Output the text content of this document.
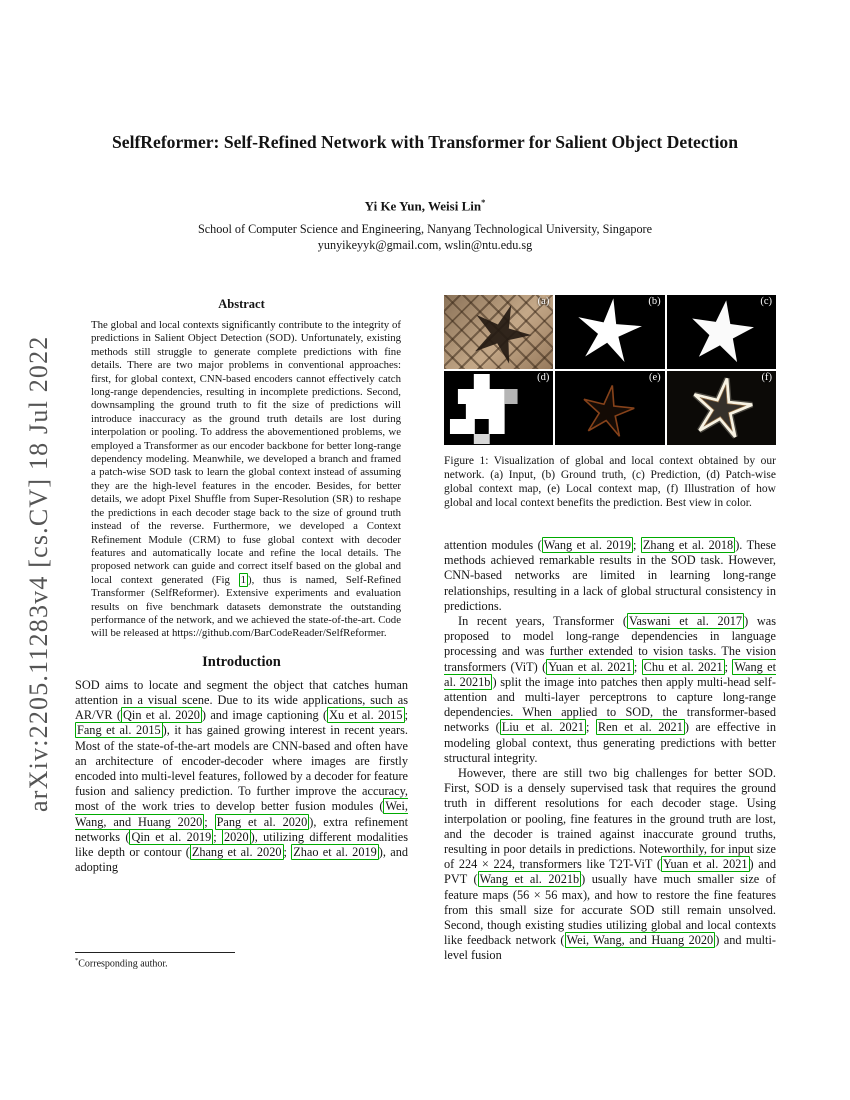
arXiv:2205.11283v4 [cs.CV] 18 Jul 2022
SelfReformer: Self-Refined Network with Transformer for Salient Object Detection
Yi Ke Yun, Weisi Lin*
School of Computer Science and Engineering, Nanyang Technological University, Singapore
yunyikeyyk@gmail.com, wslin@ntu.edu.sg
Abstract
The global and local contexts significantly contribute to the integrity of predictions in Salient Object Detection (SOD). Unfortunately, existing methods still struggle to generate complete predictions with fine details. There are two major problems in conventional approaches: first, for global context, CNN-based encoders cannot effectively catch long-range dependencies, resulting in incomplete predictions. Second, downsampling the ground truth to fit the size of predictions will introduce inaccuracy as the ground truth details are lost during interpolation or pooling. To address the abovementioned problems, we employed a Transformer as our encoder backbone for better long-range dependency modeling. Meanwhile, we developed a branch and framed a patch-wise SOD task to learn the global context instead of assuming they are the high-level features in the encoder. Besides, for better details, we adopt Pixel Shuffle from Super-Resolution (SR) to reshape the predictions in each decoder stage back to the size of ground truth instead of the reverse. Furthermore, we developed a Context Refinement Module (CRM) to fuse global context with decoder features and automatically locate and refine the local details. The proposed network can guide and correct itself based on the global and local context generated (Fig 1 ), thus is named, Self-Refined Transformer (SelfReformer). Extensive experiments and evaluation results on five benchmark datasets demonstrate the outstanding performance of the network, and we achieved the state-of-the-art. Code will be released at https://github.com/BarCodeReader/SelfReformer.
Introduction
SOD aims to locate and segment the object that catches human attention in a visual scene. Due to its wide applications, such as AR/VR ( Qin et al. 2020 ) and image captioning ( Xu et al. 2015 ; Fang et al. 2015 ), it has gained growing interest in recent years. Most of the state-of-the-art models are CNN-based and often have an architecture of encoder-decoder where images are firstly encoded into multi-level features, followed by a decoder for feature fusion and saliency prediction. To further improve the accuracy, most of the work tries to develop better fusion modules ( Wei, Wang, and Huang 2020 ; Pang et al. 2020 ), extra refinement networks ( Qin et al. 2019 ; 2020 ), utilizing different modalities like depth or contour ( Zhang et al. 2020 ; Zhao et al. 2019 ), and adopting
(a)	(b)	(c)
(d)	(e)	(f)
Figure 1: Visualization of global and local context obtained by our network. (a) Input, (b) Ground truth, (c) Prediction, (d) Patch-wise global context map, (e) Local context map, (f) Illustration of how global and local context benefits the prediction. Best view in color.
attention modules ( Wang et al. 2019 ; Zhang et al. 2018 ). These methods achieved remarkable results in the SOD task. However, CNN-based networks are limited in learning long-range relationships, resulting in a lack of global structural consistency in predictions.
In recent years, Transformer ( Vaswani et al. 2017 ) was proposed to model long-range dependencies in language processing and was further extended to vision tasks. The vision transformers (ViT) ( Yuan et al. 2021 ; Chu et al. 2021 ; Wang et al. 2021b ) split the image into patches then apply multi-head self-attention and multi-layer perceptrons to capture long-range dependencies. When applied to SOD, the transformer-based networks ( Liu et al. 2021 ; Ren et al. 2021 ) are effective in modeling global context, thus generating predictions with better structural integrity.
However, there are still two big challenges for better SOD. First, SOD is a densely supervised task that requires the ground truth in different resolutions for each decoder stage. Using interpolation or pooling, fine features in the ground truth are lost, and the decoder is trained against inaccurate ground truths, resulting in poor details in predictions. Noteworthily, for input size of 224 × 224, transformers like T2T-ViT ( Yuan et al. 2021 ) and PVT ( Wang et al. 2021b ) usually have much smaller size of feature maps (56 × 56 max), and how to restore the fine features from this small size for accurate SOD still remain unsolved. Second, though existing studies utilizing global and local contexts like feedback network ( Wei, Wang, and Huang 2020 ) and multi-level fusion
*Corresponding author.
